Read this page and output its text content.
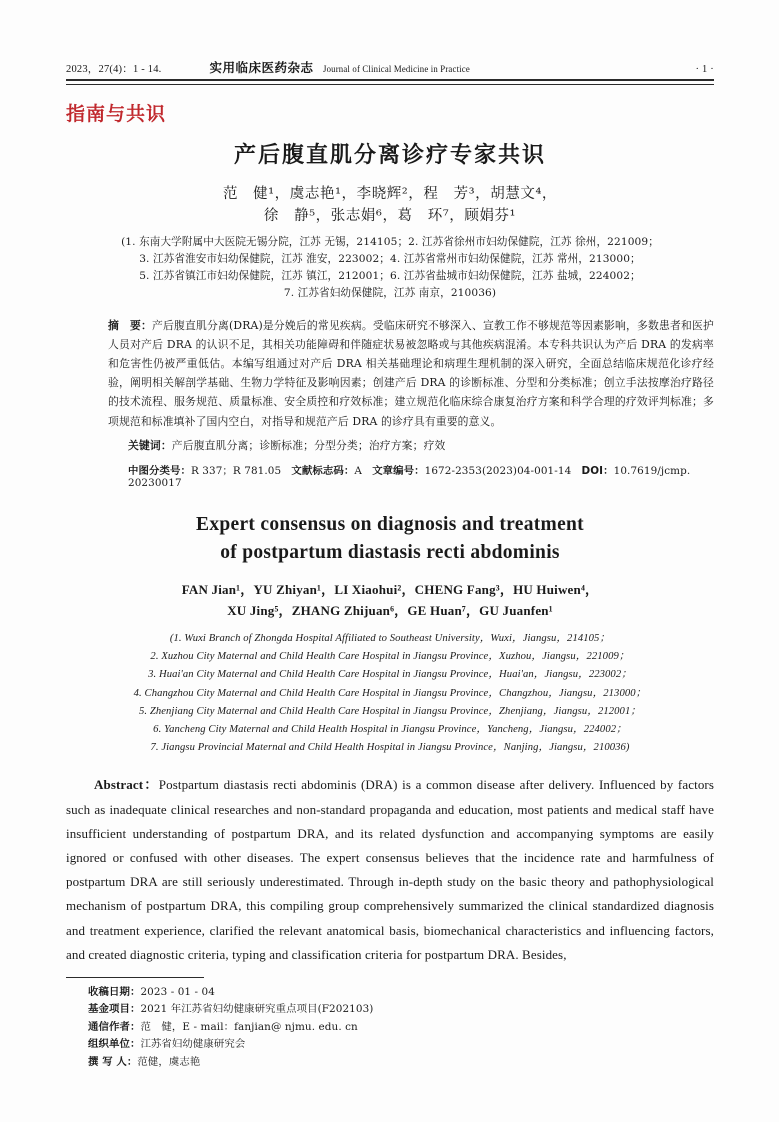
2023，27(4)：1 - 14.	实用临床医药杂志 Journal of Clinical Medicine in Practice	· 1 ·
指南与共识
产后腹直肌分离诊疗专家共识
范　健¹，虞志艳¹，李晓辉²，程　芳³，胡慧文⁴，
徐　静⁵，张志娟⁶，葛　环⁷，顾娟芬¹
(1. 东南大学附属中大医院无锡分院，江苏 无锡，214105；2. 江苏省徐州市妇幼保健院，江苏 徐州，221009；
3. 江苏省淮安市妇幼保健院，江苏 淮安，223002；4. 江苏省常州市妇幼保健院，江苏 常州，213000；
5. 江苏省镇江市妇幼保健院，江苏 镇江，212001；6. 江苏省盐城市妇幼保健院，江苏 盐城，224002；
7. 江苏省妇幼保健院，江苏 南京，210036)
摘　要：产后腹直肌分离(DRA)是分娩后的常见疾病。受临床研究不够深入、宣教工作不够规范等因素影响，多数患者和医护人员对产后 DRA 的认识不足，其相关功能障碍和伴随症状易被忽略或与其他疾病混淆。本专科共识认为产后 DRA 的发病率和危害性仍被严重低估。本编写组通过对产后 DRA 相关基础理论和病理生理机制的深入研究，全面总结临床规范化诊疗经验，阐明相关解剖学基础、生物力学特征及影响因素；创建产后 DRA 的诊断标准、分型和分类标准；创立手法按摩治疗路径的技术流程、服务规范、质量标准、安全质控和疗效标准；建立规范化临床综合康复治疗方案和科学合理的疗效评判标准；多项规范和标准填补了国内空白，对指导和规范产后 DRA 的诊疗具有重要的意义。
关键词：产后腹直肌分离；诊断标准；分型分类；治疗方案；疗效
中图分类号：R 337；R 781.05 文献标志码：A 文章编号：1672-2353(2023)04-001-14 DOI：10.7619/jcmp. 20230017
Expert consensus on diagnosis and treatment
of postpartum diastasis recti abdominis
FAN Jian¹，YU Zhiyan¹，LI Xiaohui²，CHENG Fang³，HU Huiwen⁴，
XU Jing⁵，ZHANG Zhijuan⁶，GE Huan⁷，GU Juanfen¹
(1. Wuxi Branch of Zhongda Hospital Affiliated to Southeast University，Wuxi，Jiangsu，214105；
2. Xuzhou City Maternal and Child Health Care Hospital in Jiangsu Province，Xuzhou，Jiangsu，221009；
3. Huai'an City Maternal and Child Health Care Hospital in Jiangsu Province，Huai'an，Jiangsu，223002；
4. Changzhou City Maternal and Child Health Care Hospital in Jiangsu Province，Changzhou，Jiangsu，213000；
5. Zhenjiang City Maternal and Child Health Care Hospital in Jiangsu Province，Zhenjiang，Jiangsu，212001；
6. Yancheng City Maternal and Child Health Hospital in Jiangsu Province，Yancheng，Jiangsu，224002；
7. Jiangsu Provincial Maternal and Child Health Hospital in Jiangsu Province，Nanjing，Jiangsu，210036)
Abstract：Postpartum diastasis recti abdominis (DRA) is a common disease after delivery. Influenced by factors such as inadequate clinical researches and non-standard propaganda and education, most patients and medical staff have insufficient understanding of postpartum DRA, and its related dysfunction and accompanying symptoms are easily ignored or confused with other diseases. The expert consensus believes that the incidence rate and harmfulness of postpartum DRA are still seriously underestimated. Through in-depth study on the basic theory and pathophysiological mechanism of postpartum DRA, this compiling group comprehensively summarized the clinical standardized diagnosis and treatment experience, clarified the relevant anatomical basis, biomechanical characteristics and influencing factors, and created diagnostic criteria, typing and classification criteria for postpartum DRA. Besides,
收稿日期：2023 - 01 - 04
基金项目：2021 年江苏省妇幼健康研究重点项目(F202103)
通信作者：范　健，E - mail：fanjian@ njmu. edu. cn
组织单位：江苏省妇幼健康研究会
撰 写 人：范健，虞志艳
